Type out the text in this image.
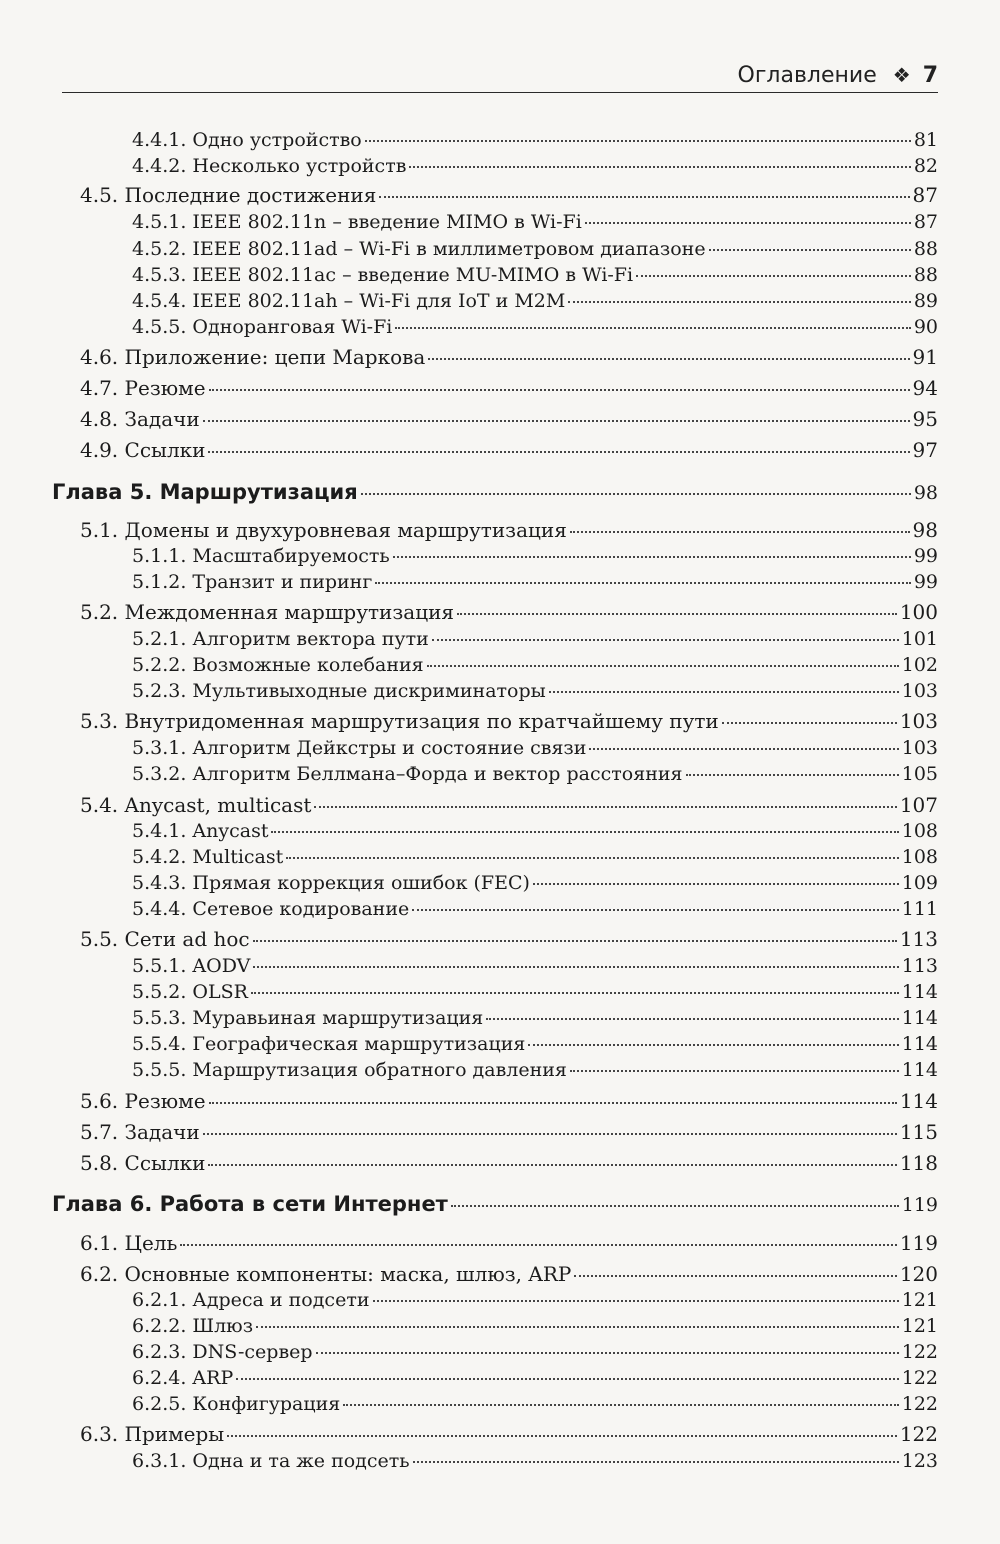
Оглавление ❖ 7
4.4.1. Одно устройство	81
4.4.2. Несколько устройств	82
4.5. Последние достижения	87
4.5.1. IEEE 802.11n – введение MIMO в Wi-Fi	87
4.5.2. IEEE 802.11ad – Wi-Fi в миллиметровом диапазоне	88
4.5.3. IEEE 802.11ac – введение MU-MIMO в Wi-Fi	88
4.5.4. IEEE 802.11ah – Wi-Fi для IoT и M2M	89
4.5.5. Одноранговая Wi-Fi	90
4.6. Приложение: цепи Маркова	91
4.7. Резюме	94
4.8. Задачи	95
4.9. Ссылки	97
Глава 5. Маршрутизация	98
5.1. Домены и двухуровневая маршрутизация	98
5.1.1. Масштабируемость	99
5.1.2. Транзит и пиринг	99
5.2. Междоменная маршрутизация	100
5.2.1. Алгоритм вектора пути	101
5.2.2. Возможные колебания	102
5.2.3. Мультивыходные дискриминаторы	103
5.3. Внутридоменная маршрутизация по кратчайшему пути	103
5.3.1. Алгоритм Дейкстры и состояние связи	103
5.3.2. Алгоритм Беллмана–Форда и вектор расстояния	105
5.4. Anycast, multicast	107
5.4.1. Anycast	108
5.4.2. Multicast	108
5.4.3. Прямая коррекция ошибок (FEC)	109
5.4.4. Сетевое кодирование	111
5.5. Сети ad hoc	113
5.5.1. AODV	113
5.5.2. OLSR	114
5.5.3. Муравьиная маршрутизация	114
5.5.4. Географическая маршрутизация	114
5.5.5. Маршрутизация обратного давления	114
5.6. Резюме	114
5.7. Задачи	115
5.8. Ссылки	118
Глава 6. Работа в сети Интернет	119
6.1. Цель	119
6.2. Основные компоненты: маска, шлюз, ARP	120
6.2.1. Адреса и подсети	121
6.2.2. Шлюз	121
6.2.3. DNS-сервер	122
6.2.4. ARP	122
6.2.5. Конфигурация	122
6.3. Примеры	122
6.3.1. Одна и та же подсеть	123
